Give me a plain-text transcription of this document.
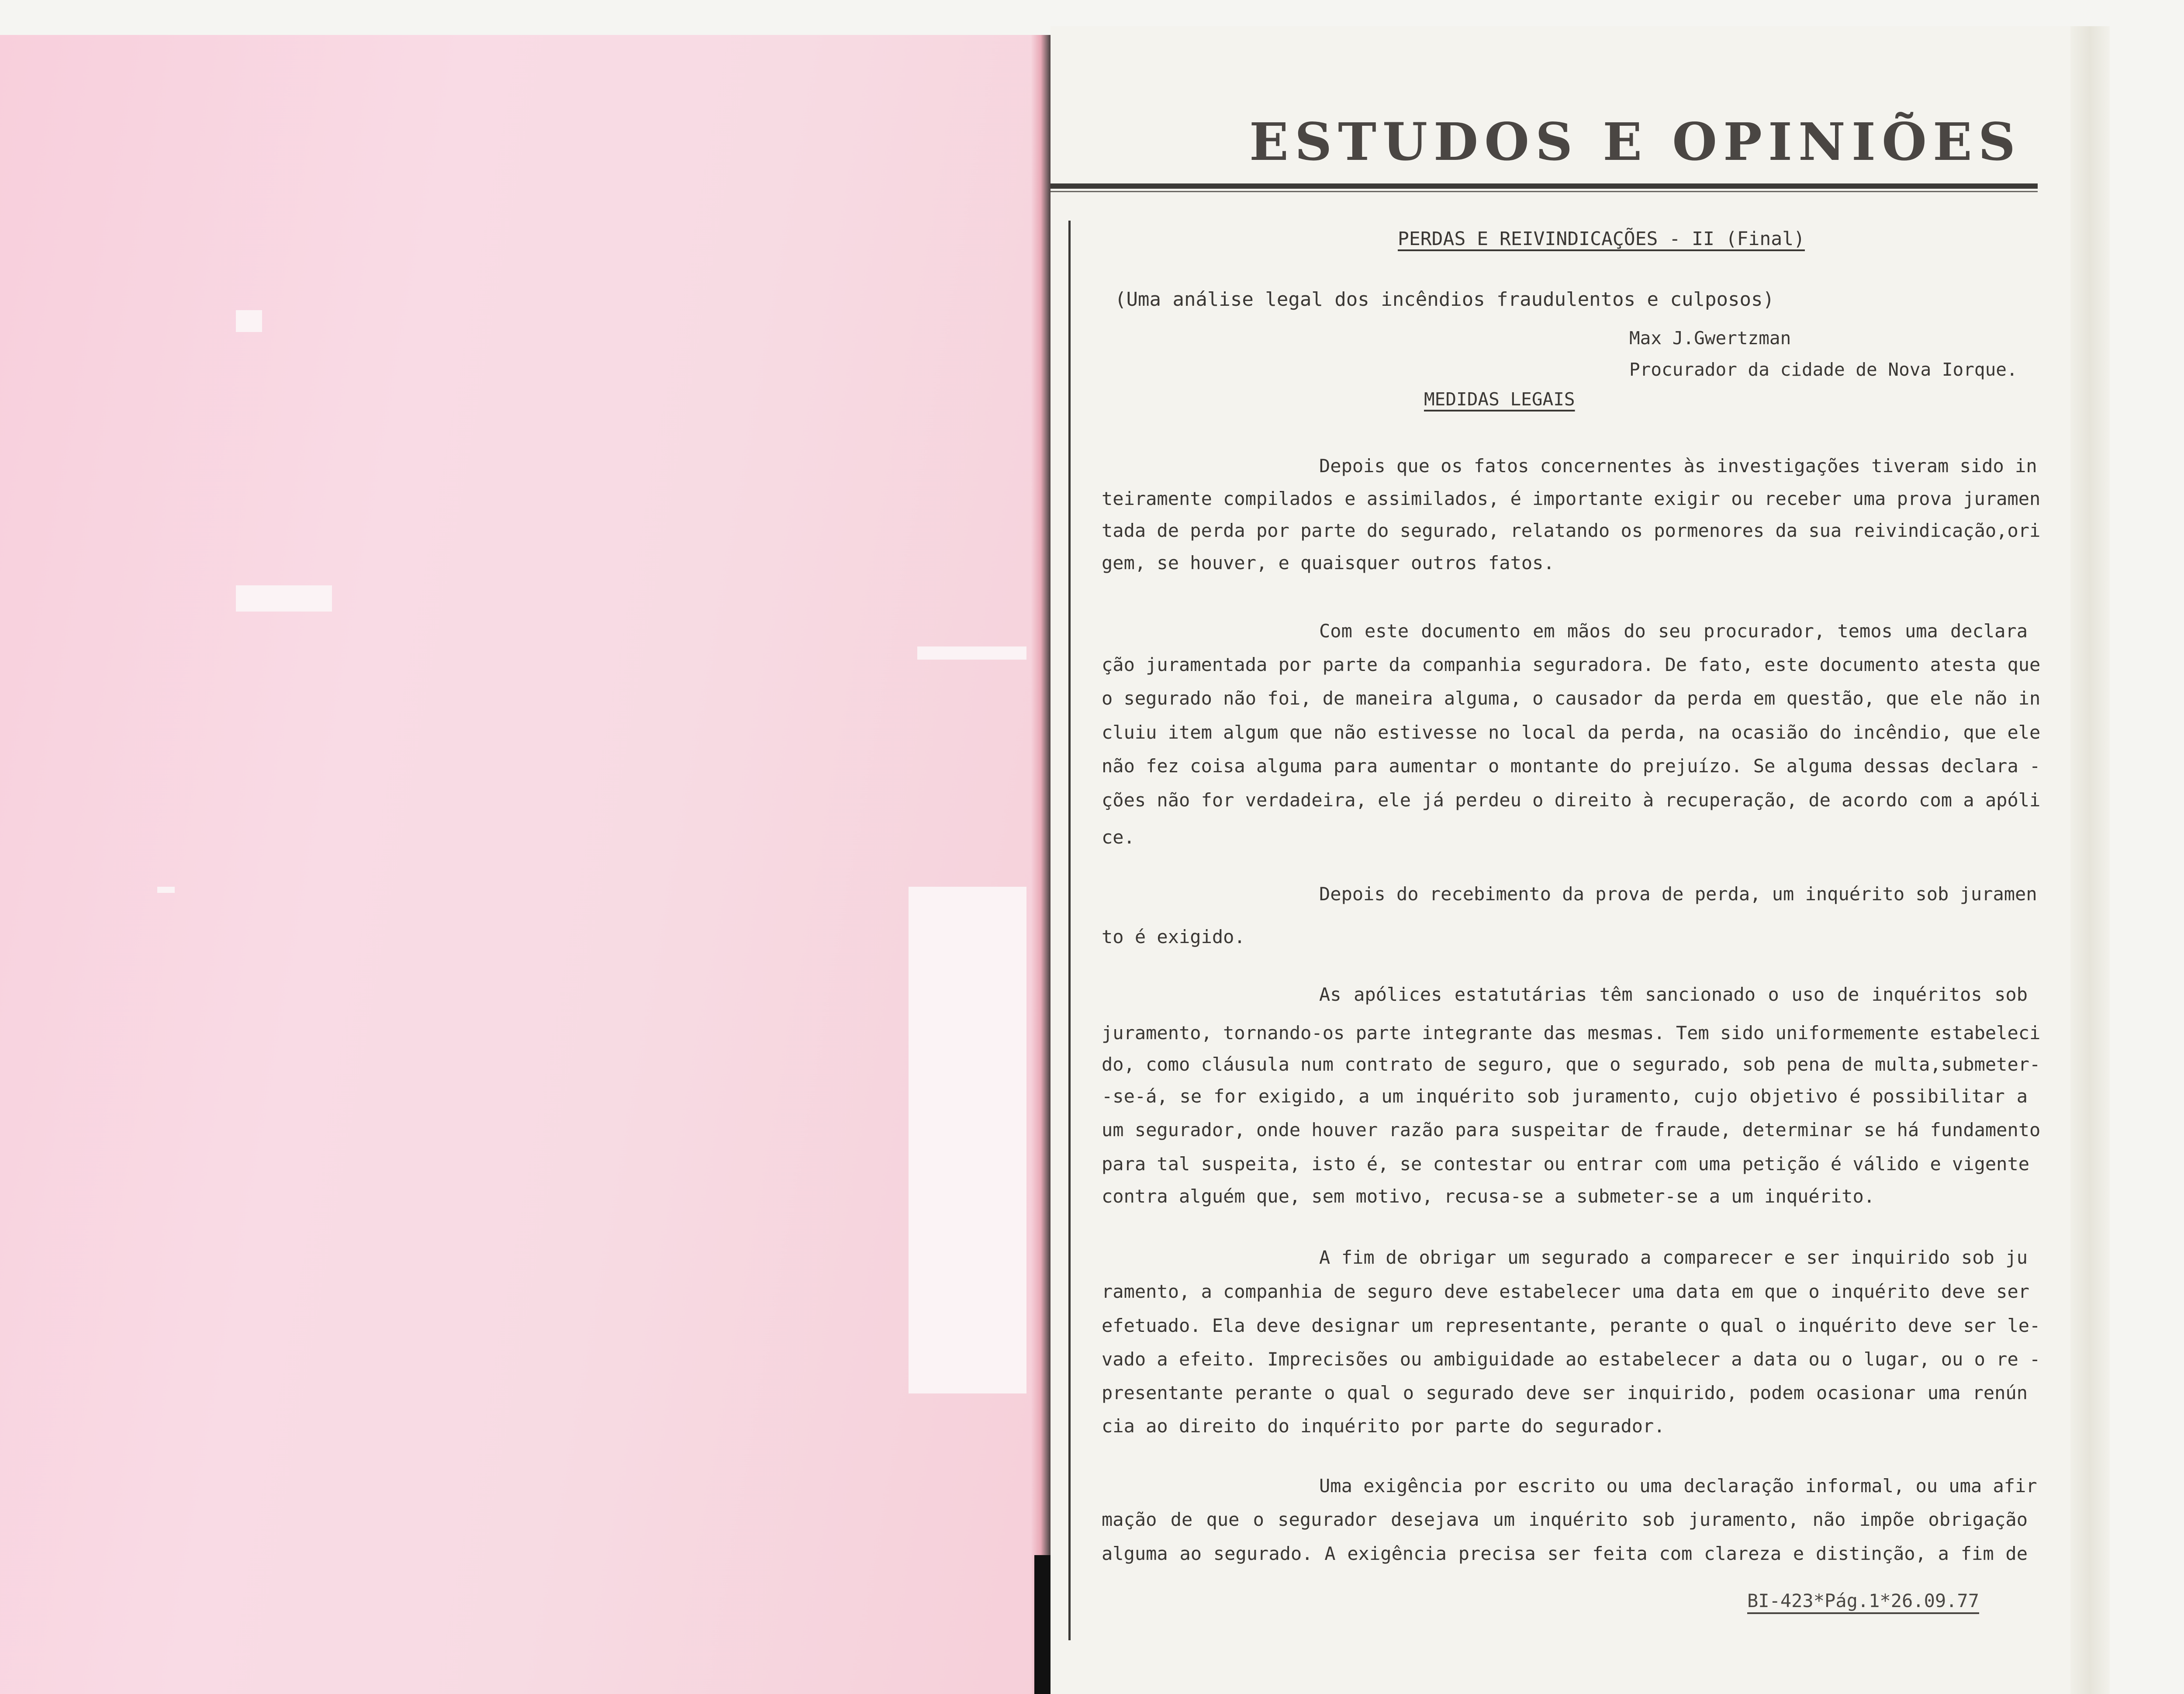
ESTUDOS E OPINIÕES
PERDAS E REIVINDICAÇÕES - II (Final)
(Uma análise legal dos incêndios fraudulentos e culposos)
Max J.Gwertzman
Procurador da cidade de Nova Iorque.
MEDIDAS LEGAIS
Depois que os fatos concernentes às investigações tiveram sido in
teiramente compilados e assimilados, é importante exigir ou receber uma prova juramen
tada de perda por parte do segurado, relatando os pormenores da sua reivindicação,ori
gem, se houver, e quaisquer outros fatos.
Com este documento em mãos do seu procurador, temos uma declara
ção juramentada por parte da companhia seguradora. De fato, este documento atesta que
o segurado não foi, de maneira alguma, o causador da perda em questão, que ele não in
cluiu item algum que não estivesse no local da perda, na ocasião do incêndio, que ele
não fez coisa alguma para aumentar o montante do prejuízo. Se alguma dessas declara -
ções não for verdadeira, ele já perdeu o direito à recuperação, de acordo com a apóli
ce.
Depois do recebimento da prova de perda, um inquérito sob juramen
to é exigido.
As apólices estatutárias têm sancionado o uso de inquéritos sob
juramento, tornando-os parte integrante das mesmas. Tem sido uniformemente estabeleci
do, como cláusula num contrato de seguro, que o segurado, sob pena de multa,submeter-
-se-á, se for exigido, a um inquérito sob juramento, cujo objetivo é possibilitar a
um segurador, onde houver razão para suspeitar de fraude, determinar se há fundamento
para tal suspeita, isto é, se contestar ou entrar com uma petição é válido e vigente
contra alguém que, sem motivo, recusa-se a submeter-se a um inquérito.
A fim de obrigar um segurado a comparecer e ser inquirido sob ju
ramento, a companhia de seguro deve estabelecer uma data em que o inquérito deve ser
efetuado. Ela deve designar um representante, perante o qual o inquérito deve ser le-
vado a efeito. Imprecisões ou ambiguidade ao estabelecer a data ou o lugar, ou o re -
presentante perante o qual o segurado deve ser inquirido, podem ocasionar uma renún
cia ao direito do inquérito por parte do segurador.
Uma exigência por escrito ou uma declaração informal, ou uma afir
mação de que o segurador desejava um inquérito sob juramento, não impõe obrigação
alguma ao segurado. A exigência precisa ser feita com clareza e distinção, a fim de
BI-423*Pág.1*26.09.77
